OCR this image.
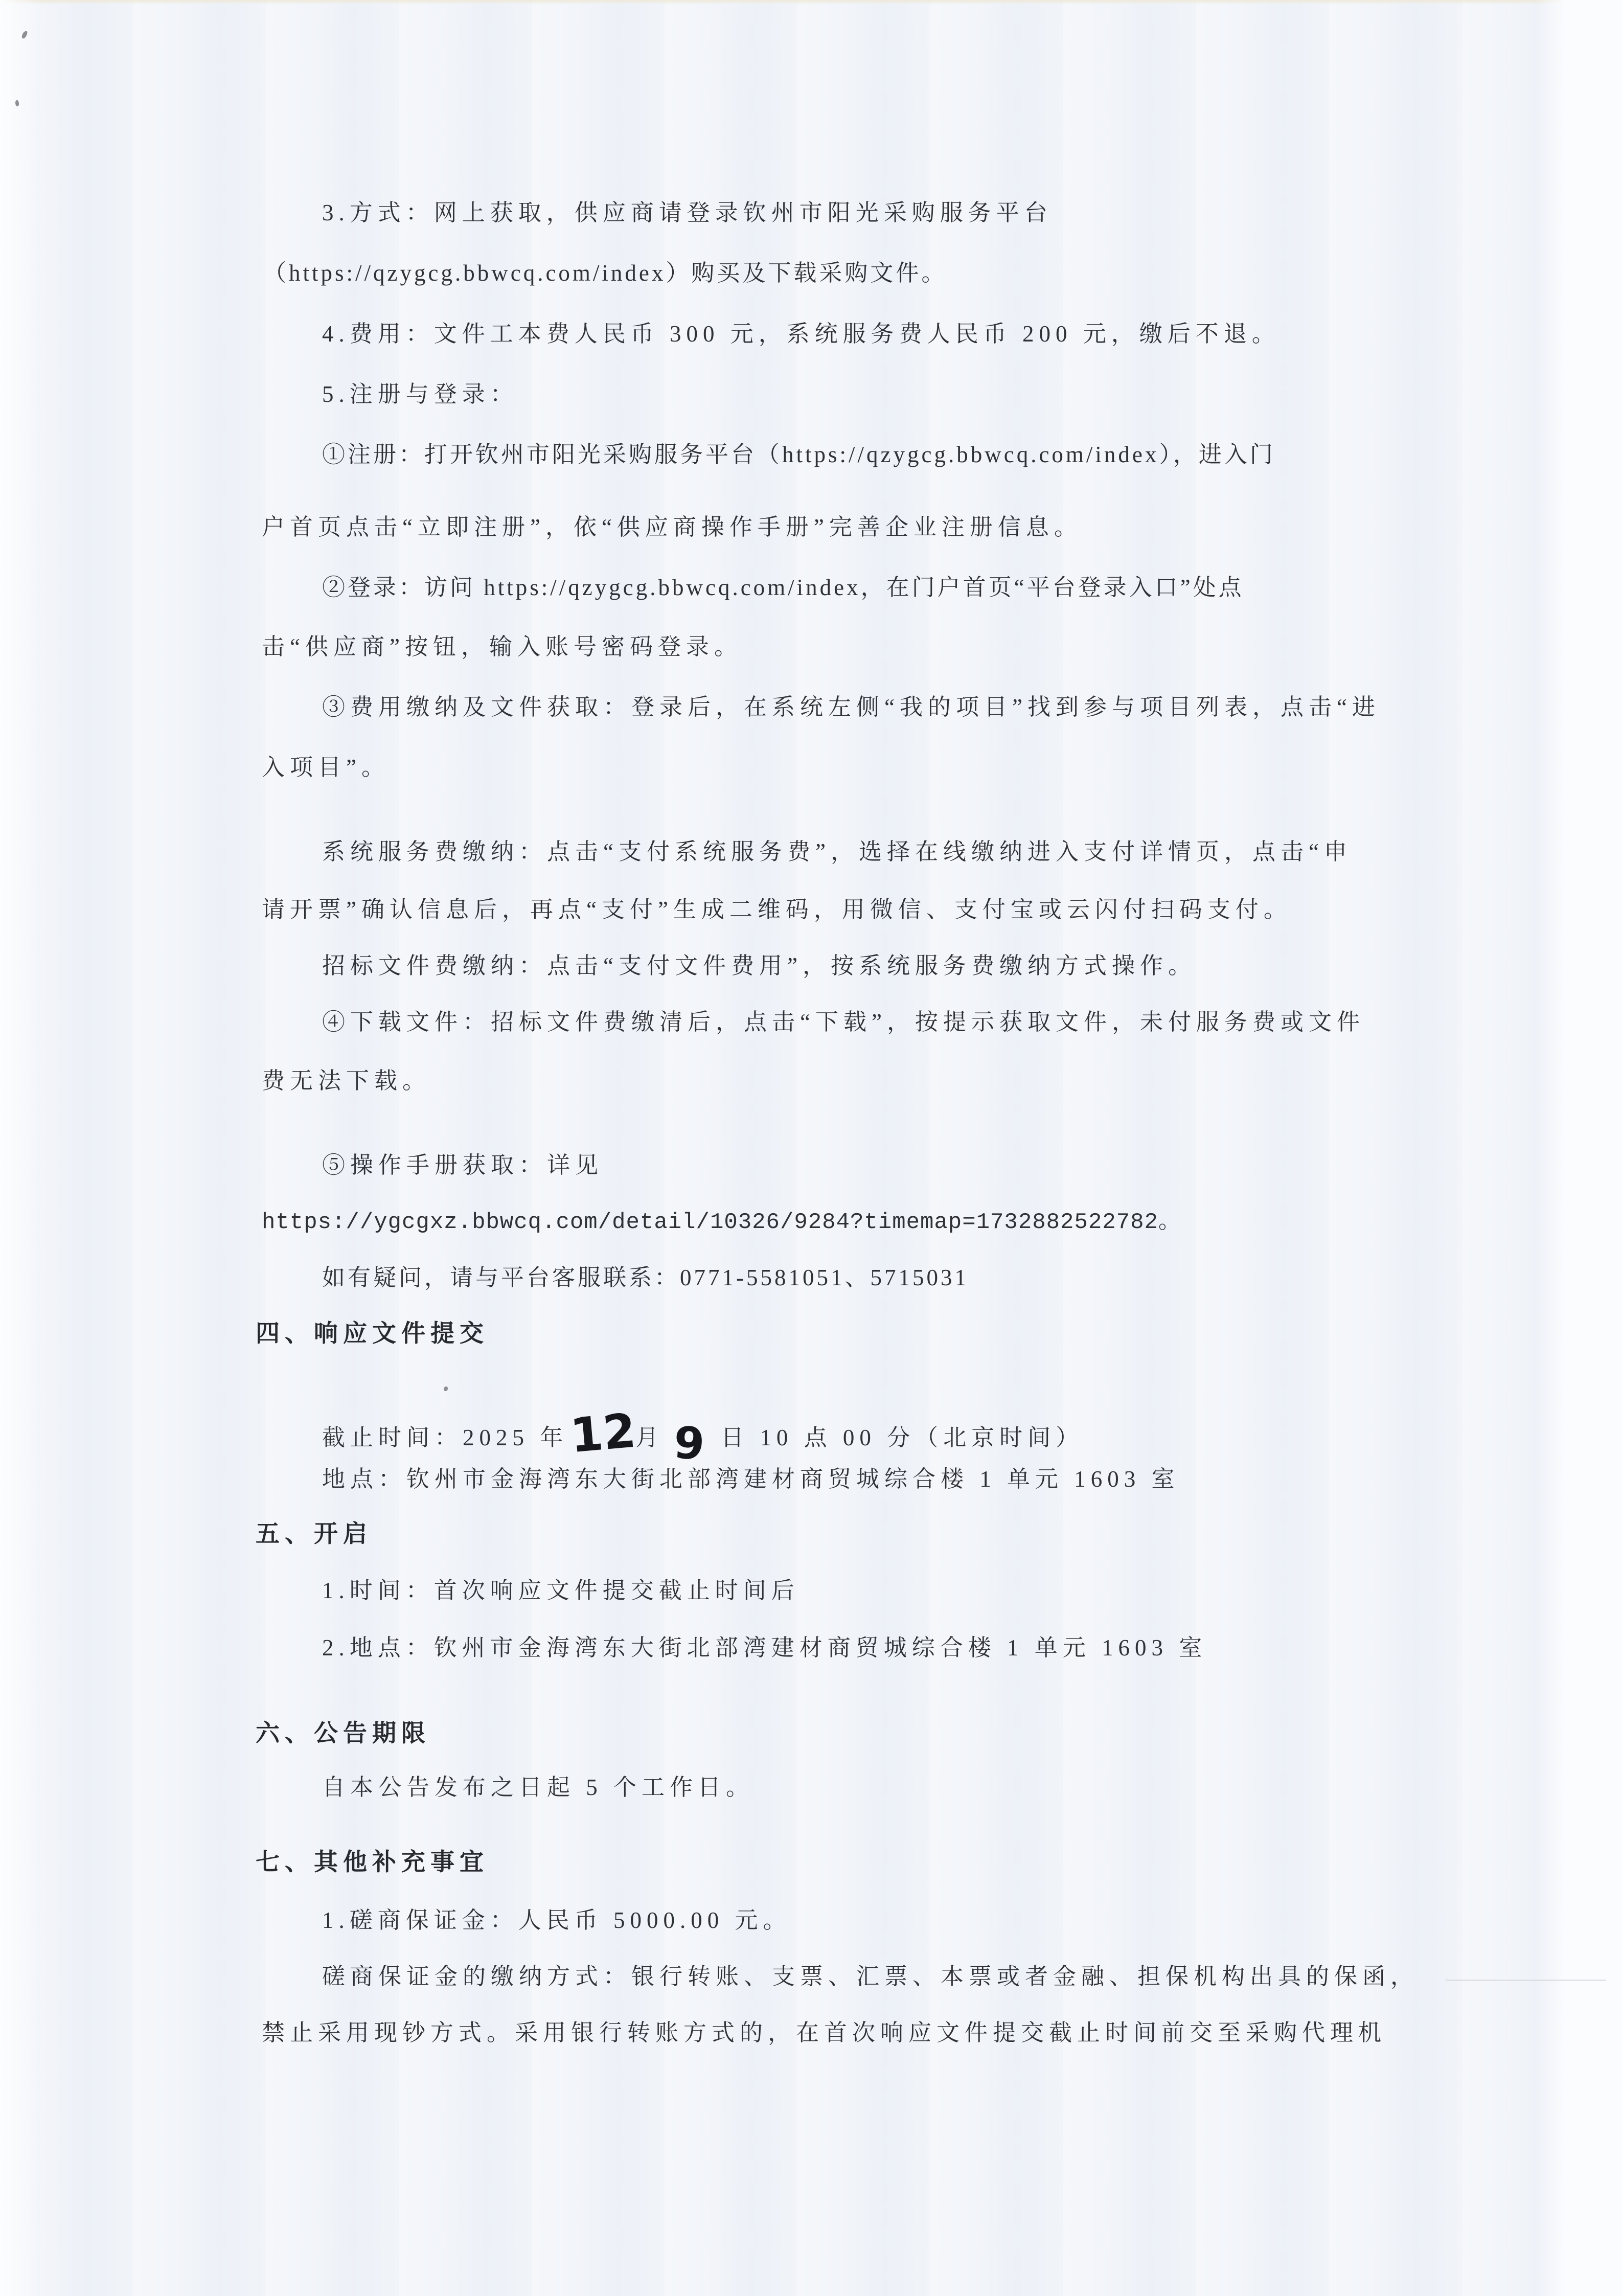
3.方式：网上获取，供应商请登录钦州市阳光采购服务平台
（https://qzygcg.bbwcq.com/index）购买及下载采购文件。
4.费用：文件工本费人民币 300 元，系统服务费人民币 200 元，缴后不退。
5.注册与登录：
①注册：打开钦州市阳光采购服务平台（https://qzygcg.bbwcq.com/index），进入门
户首页点击“立即注册”，依“供应商操作手册”完善企业注册信息。
②登录：访问 https://qzygcg.bbwcq.com/index，在门户首页“平台登录入口”处点
击“供应商”按钮，输入账号密码登录。
③费用缴纳及文件获取：登录后，在系统左侧“我的项目”找到参与项目列表，点击“进
入项目”。
系统服务费缴纳：点击“支付系统服务费”，选择在线缴纳进入支付详情页，点击“申
请开票”确认信息后，再点“支付”生成二维码，用微信、支付宝或云闪付扫码支付。
招标文件费缴纳：点击“支付文件费用”，按系统服务费缴纳方式操作。
④下载文件：招标文件费缴清后，点击“下载”，按提示获取文件，未付服务费或文件
费无法下载。
⑤操作手册获取：详见
https://ygcgxz.bbwcq.com/detail/10326/9284?timemap=1732882522782。
如有疑问，请与平台客服联系：0771-5581051、5715031
四、响应文件提交
截止时间：2025 年12月 9 日 10 点 00 分（北京时间）
地点：钦州市金海湾东大街北部湾建材商贸城综合楼 1 单元 1603 室
五、开启
1.时间：首次响应文件提交截止时间后
2.地点：钦州市金海湾东大街北部湾建材商贸城综合楼 1 单元 1603 室
六、公告期限
自本公告发布之日起 5 个工作日。
七、其他补充事宜
1.磋商保证金：人民币 5000.00 元。
磋商保证金的缴纳方式：银行转账、支票、汇票、本票或者金融、担保机构出具的保函，
禁止采用现钞方式。采用银行转账方式的，在首次响应文件提交截止时间前交至采购代理机
